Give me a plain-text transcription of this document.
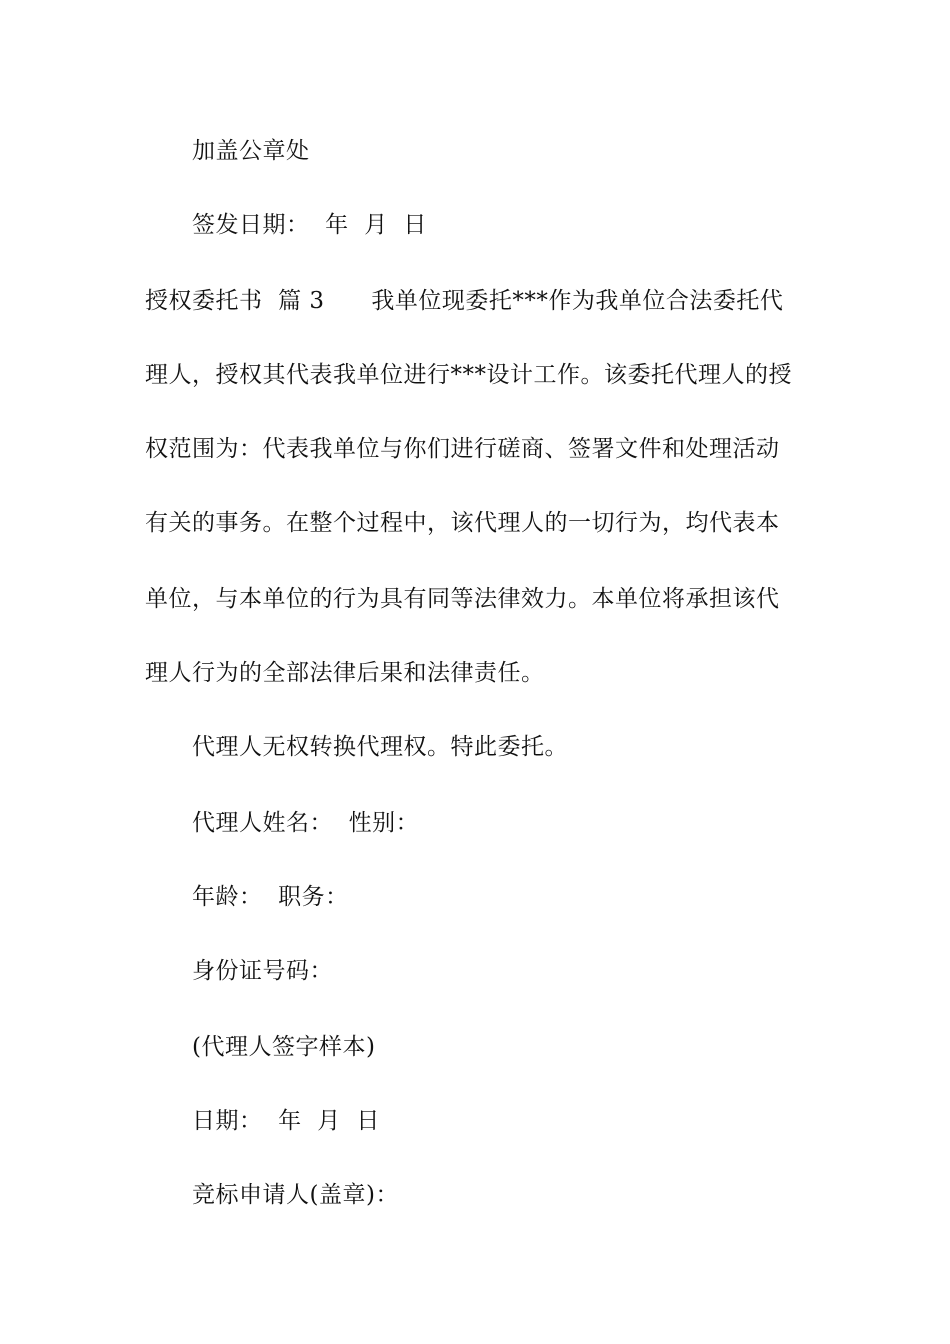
加盖公章处
签发日期：  年  月  日
授权委托书  篇 3      我单位现委托***作为我单位合法委托代
理人，授权其代表我单位进行***设计工作。该委托代理人的授
权范围为：代表我单位与你们进行磋商、签署文件和处理活动
有关的事务。在整个过程中，该代理人的一切行为，均代表本
单位，与本单位的行为具有同等法律效力。本单位将承担该代
理人行为的全部法律后果和法律责任。
代理人无权转换代理权。特此委托。
代理人姓名：  性别：
年龄：  职务：
身份证号码：
(代理人签字样本)
日期：  年  月  日
竞标申请人(盖章)：
